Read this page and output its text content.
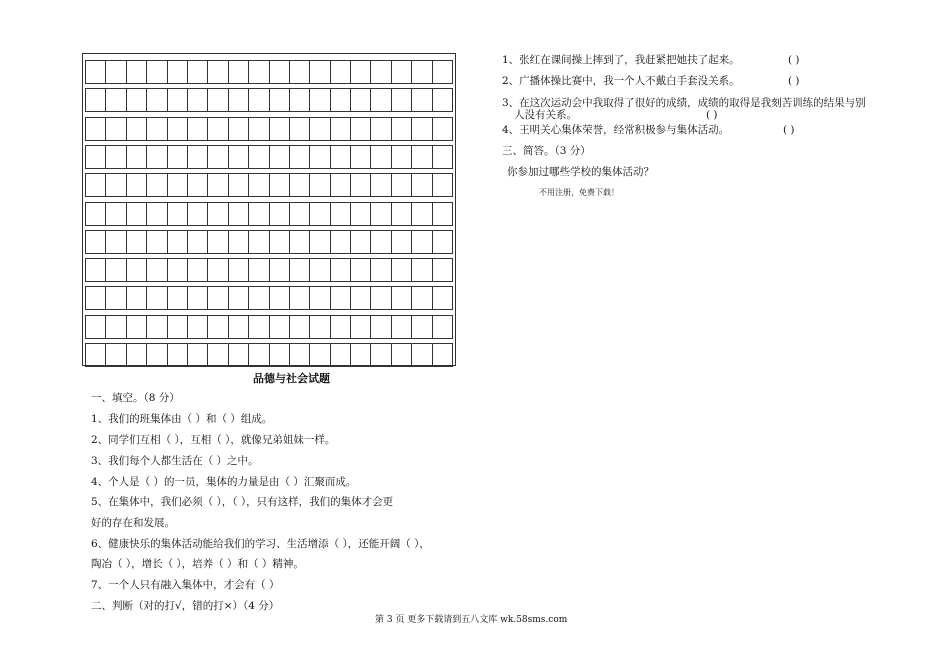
1、张红在课间操上摔到了，我赶紧把她扶了起来。	( )
2、广播体操比赛中，我一个人不戴白手套没关系。	( )
3、在这次运动会中我取得了很好的成绩，成绩的取得是我刻苦训练的结果与别
人没有关系。	( )
4、王明关心集体荣誉，经常积极参与集体活动。	( )
三、简答。（3 分）
你参加过哪些学校的集体活动？
不用注册，免费下载！
品德与社会试题
一、填空。（8 分）
1、我们的班集体由（ ）和（ ）组成。
2、同学们互相（ ），互相（ ），就像兄弟姐妹一样。
3、我们每个人都生活在（ ）之中。
4、个人是（ ）的一员，集体的力量是由（ ）汇聚而成。
5、在集体中，我们必须（ ），（ ），只有这样，我们的集体才会更
好的存在和发展。
6、健康快乐的集体活动能给我们的学习、生活增添（ ），还能开阔（ ），
陶冶（ ），增长（ ），培养（ ）和（ ）精神。
7、一个人只有融入集体中，才会有（ ）
二、判断（对的打√，错的打×）（4 分）
第 3 页 更多下载请到五八文库 wk.58sms.com
